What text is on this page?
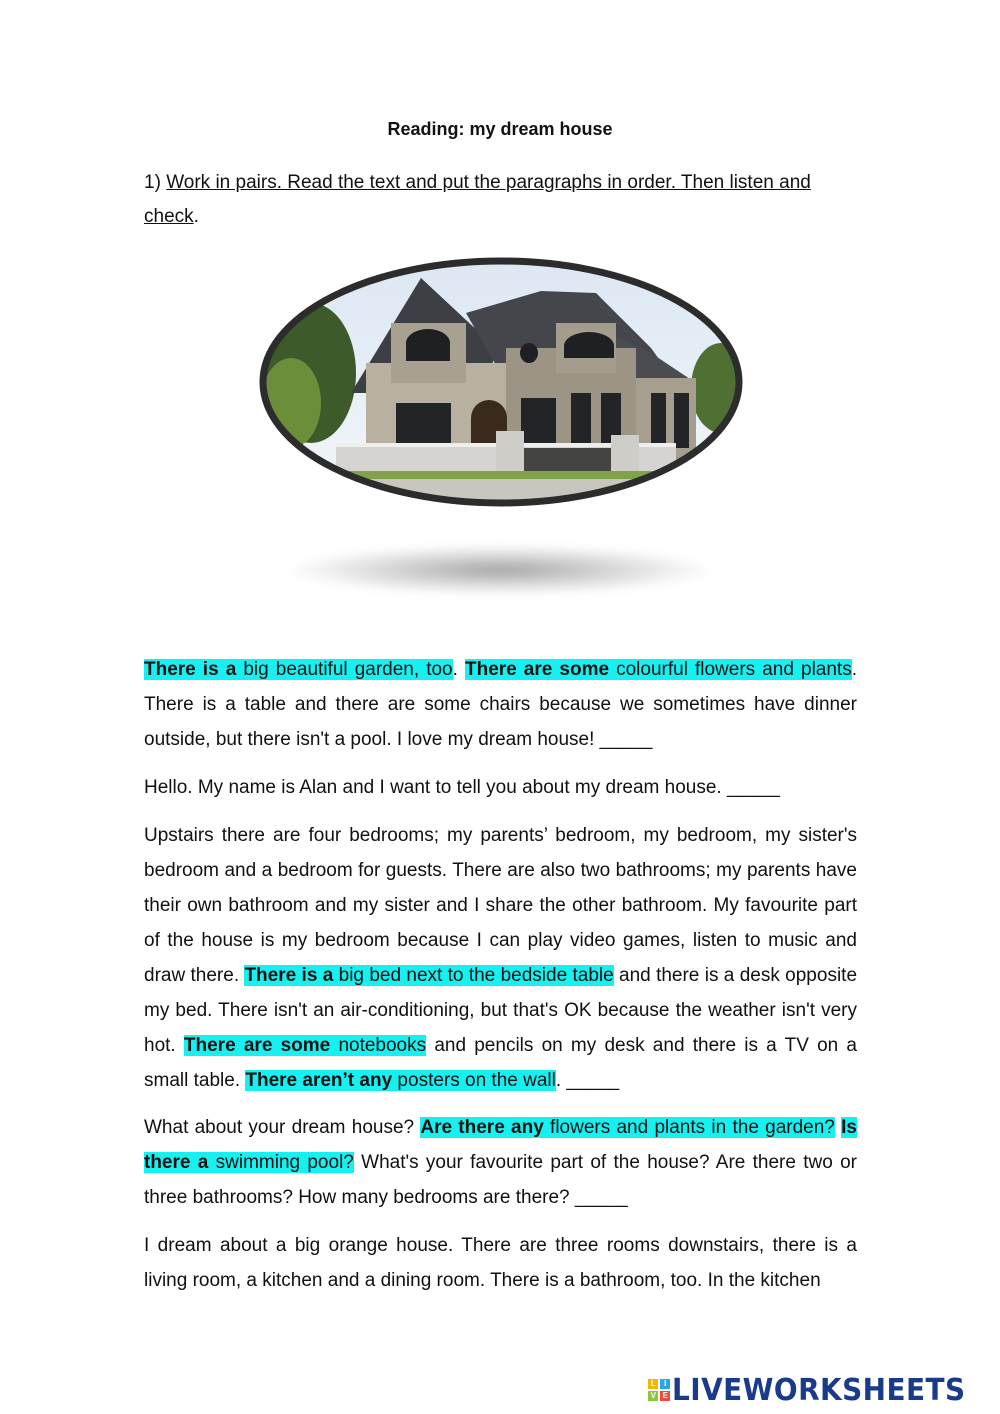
Reading: my dream house

1) Work in pairs. Read the text and put the paragraphs in order. Then listen and check.

There is a big beautiful garden, too. There are some colourful flowers and plants. There is a table and there are some chairs because we sometimes have dinner outside, but there isn't a pool. I love my dream house! _____

Hello. My name is Alan and I want to tell you about my dream house. _____

Upstairs there are four bedrooms; my parents’ bedroom, my bedroom, my sister's bedroom and a bedroom for guests. There are also two bathrooms; my parents have their own bathroom and my sister and I share the other bathroom. My favourite part of the house is my bedroom because I can play video games, listen to music and draw there. There is a big bed next to the bedside table and there is a desk opposite my bed. There isn't an air-conditioning, but that's OK because the weather isn't very hot. There are some notebooks and pencils on my desk and there is a TV on a small table. There aren’t any posters on the wall. _____

What about your dream house? Are there any flowers and plants in the garden? Is there a swimming pool? What's your favourite part of the house? Are there two or three bathrooms? How many bedrooms are there? _____

I dream about a big orange house. There are three rooms downstairs, there is a living room, a kitchen and a dining room. There is a bathroom, too. In the kitchen

L	I
V E LIVEWORKSHEETS
